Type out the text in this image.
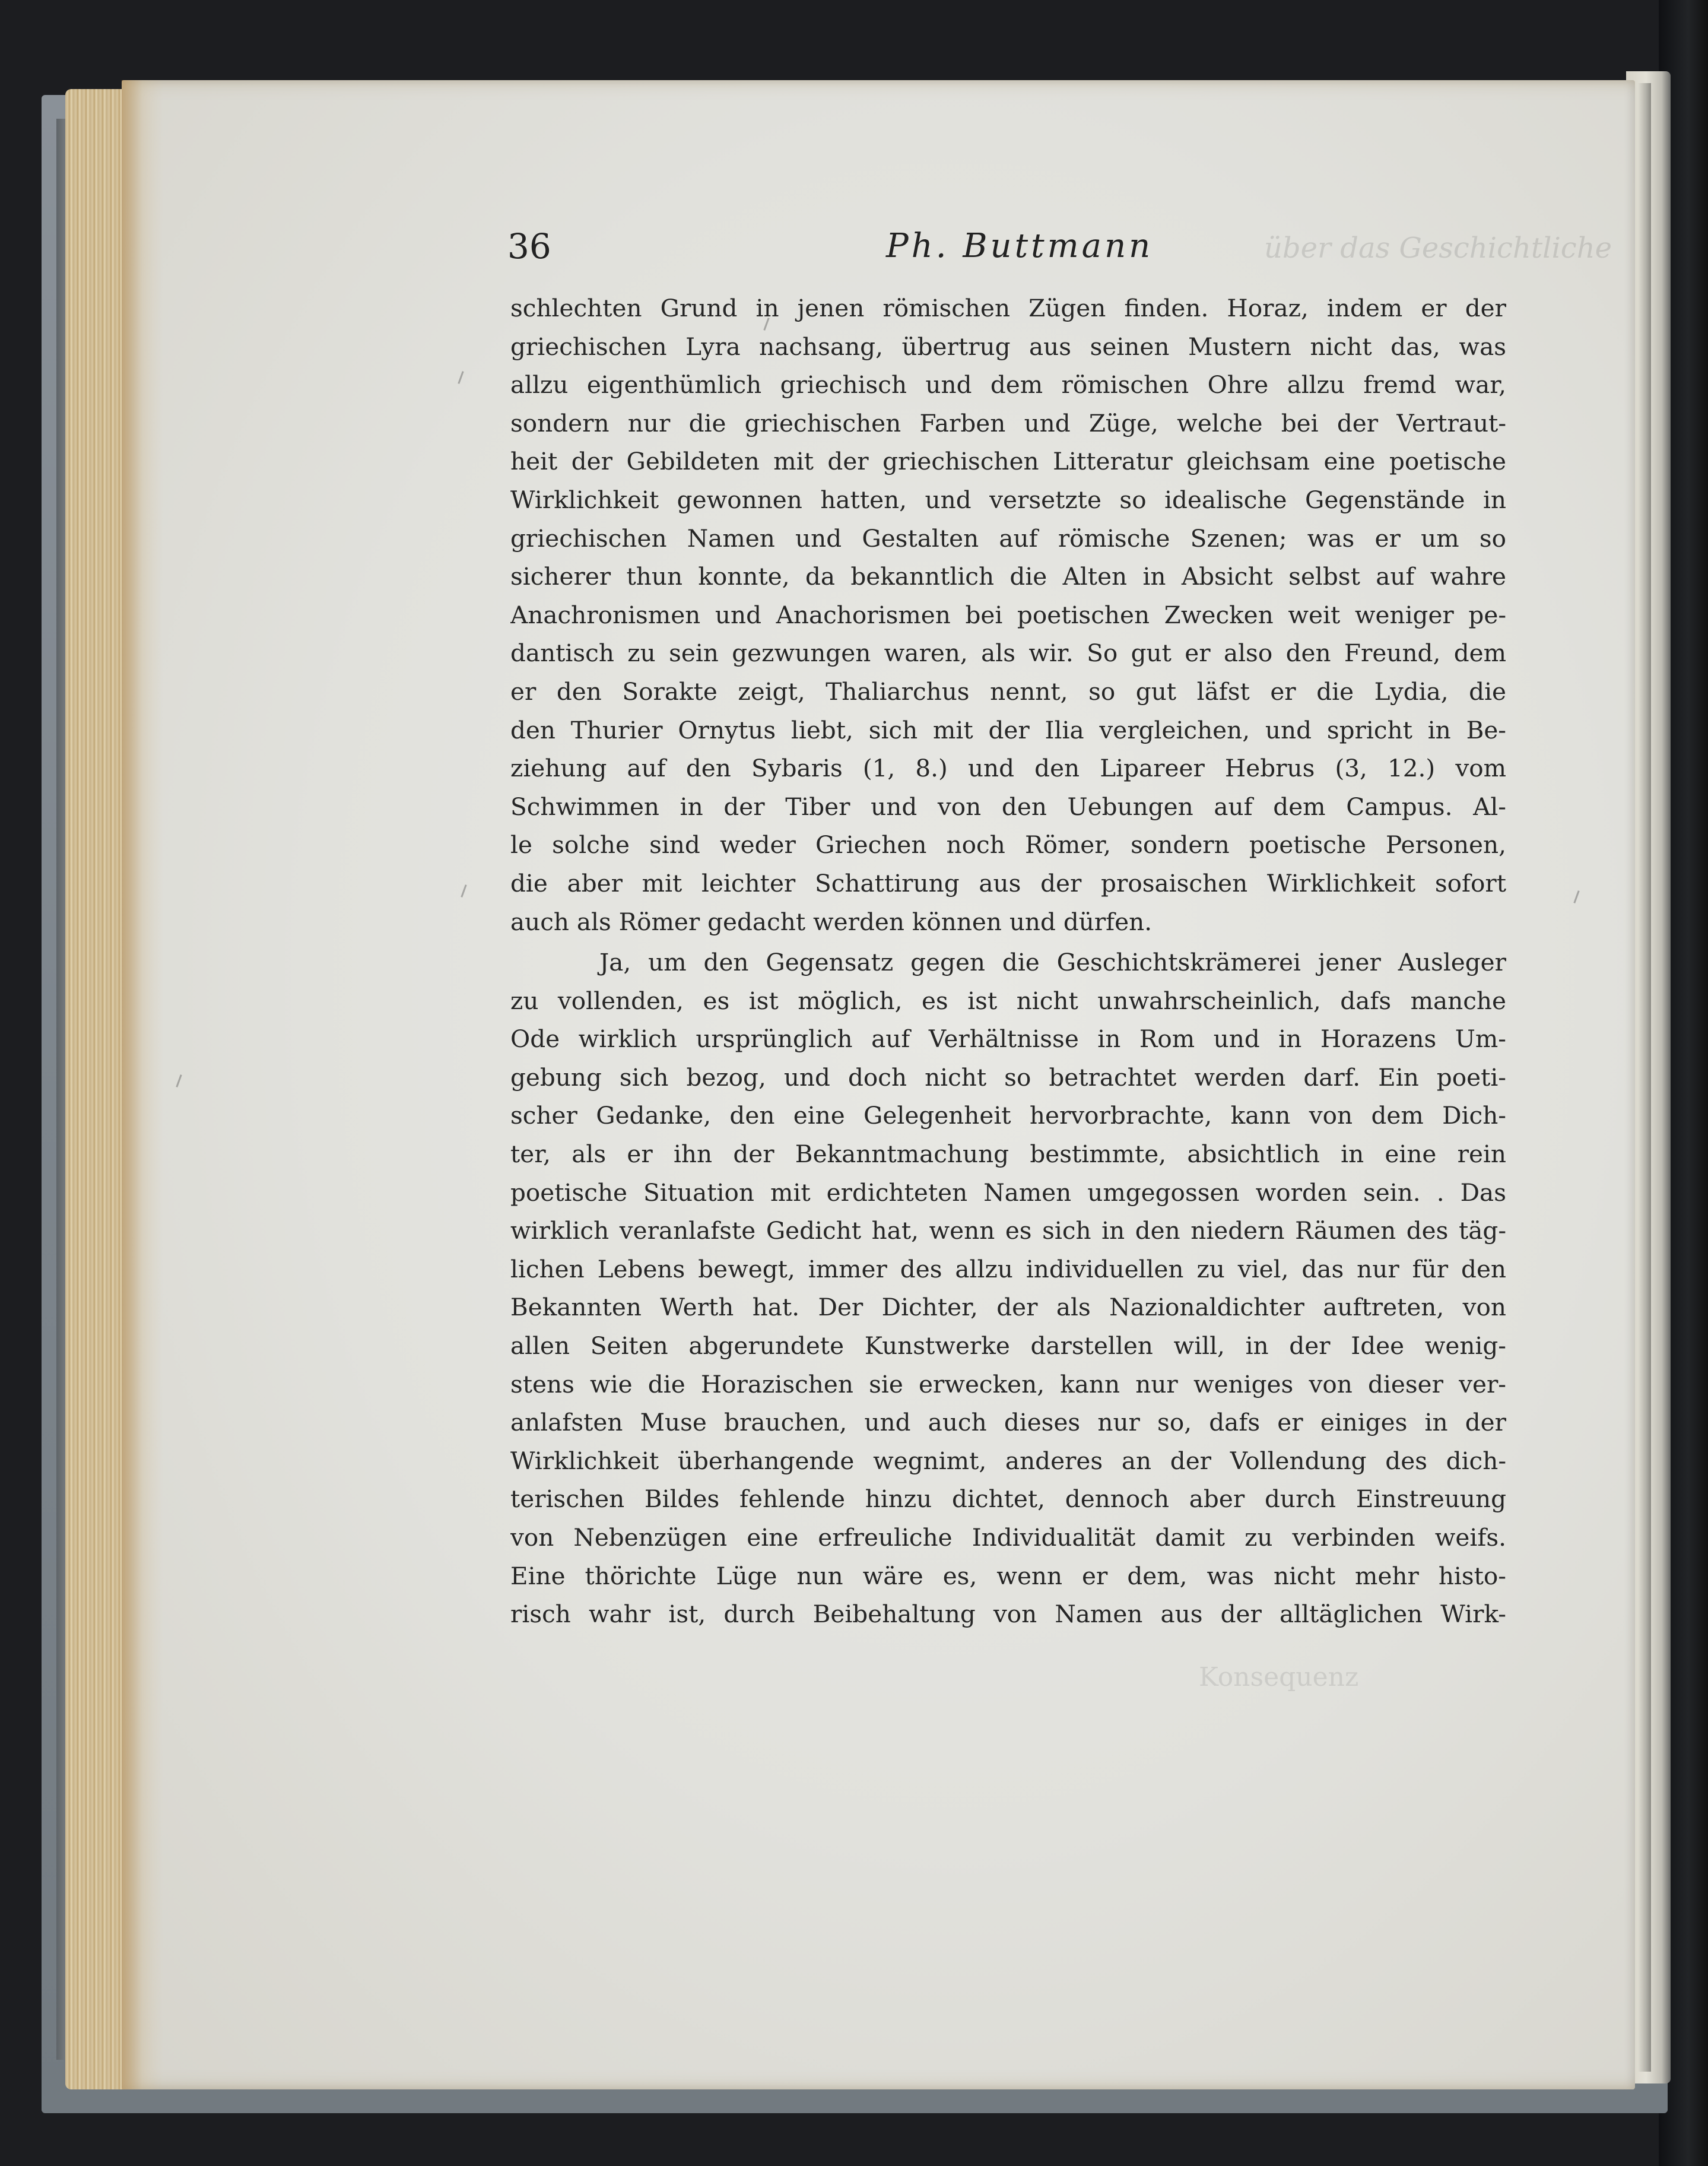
über das Geschichtliche
Konsequenz
36	Ph. Buttmann
schlechten Grund in jenen römischen Zügen finden. Horaz, indem er der
griechischen Lyra nachsang, übertrug aus seinen Mustern nicht das, was
allzu eigenthümlich griechisch und dem römischen Ohre allzu fremd war,
sondern nur die griechischen Farben und Züge, welche bei der Vertraut-
heit der Gebildeten mit der griechischen Litteratur gleichsam eine poetische
Wirklichkeit gewonnen hatten, und versetzte so idealische Gegenstände in
griechischen Namen und Gestalten auf römische Szenen; was er um so
sicherer thun konnte, da bekanntlich die Alten in Absicht selbst auf wahre
Anachronismen und Anachorismen bei poetischen Zwecken weit weniger pe-
dantisch zu sein gezwungen waren, als wir. So gut er also den Freund, dem
er den Sorakte zeigt, Thaliarchus nennt, so gut läfst er die Lydia, die
den Thurier Ornytus liebt, sich mit der Ilia vergleichen, und spricht in Be-
ziehung auf den Sybaris (1, 8.) und den Lipareer Hebrus (3, 12.) vom
Schwimmen in der Tiber und von den Uebungen auf dem Campus. Al-
le solche sind weder Griechen noch Römer, sondern poetische Personen,
die aber mit leichter Schattirung aus der prosaischen Wirklichkeit sofort
auch als Römer gedacht werden können und dürfen.
Ja, um den Gegensatz gegen die Geschichtskrämerei jener Ausleger
zu vollenden, es ist möglich, es ist nicht unwahrscheinlich, dafs manche
Ode wirklich ursprünglich auf Verhältnisse in Rom und in Horazens Um-
gebung sich bezog, und doch nicht so betrachtet werden darf. Ein poeti-
scher Gedanke, den eine Gelegenheit hervorbrachte, kann von dem Dich-
ter, als er ihn der Bekanntmachung bestimmte, absichtlich in eine rein
poetische Situation mit erdichteten Namen umgegossen worden sein. . Das
wirklich veranlafste Gedicht hat, wenn es sich in den niedern Räumen des täg-
lichen Lebens bewegt, immer des allzu individuellen zu viel, das nur für den
Bekannten Werth hat. Der Dichter, der als Nazionaldichter auftreten, von
allen Seiten abgerundete Kunstwerke darstellen will, in der Idee wenig-
stens wie die Horazischen sie erwecken, kann nur weniges von dieser ver-
anlafsten Muse brauchen, und auch dieses nur so, dafs er einiges in der
Wirklichkeit überhangende wegnimt, anderes an der Vollendung des dich-
terischen Bildes fehlende hinzu dichtet, dennoch aber durch Einstreuung
von Nebenzügen eine erfreuliche Individualität damit zu verbinden weifs.
Eine thörichte Lüge nun wäre es, wenn er dem, was nicht mehr histo-
risch wahr ist, durch Beibehaltung von Namen aus der alltäglichen Wirk-
